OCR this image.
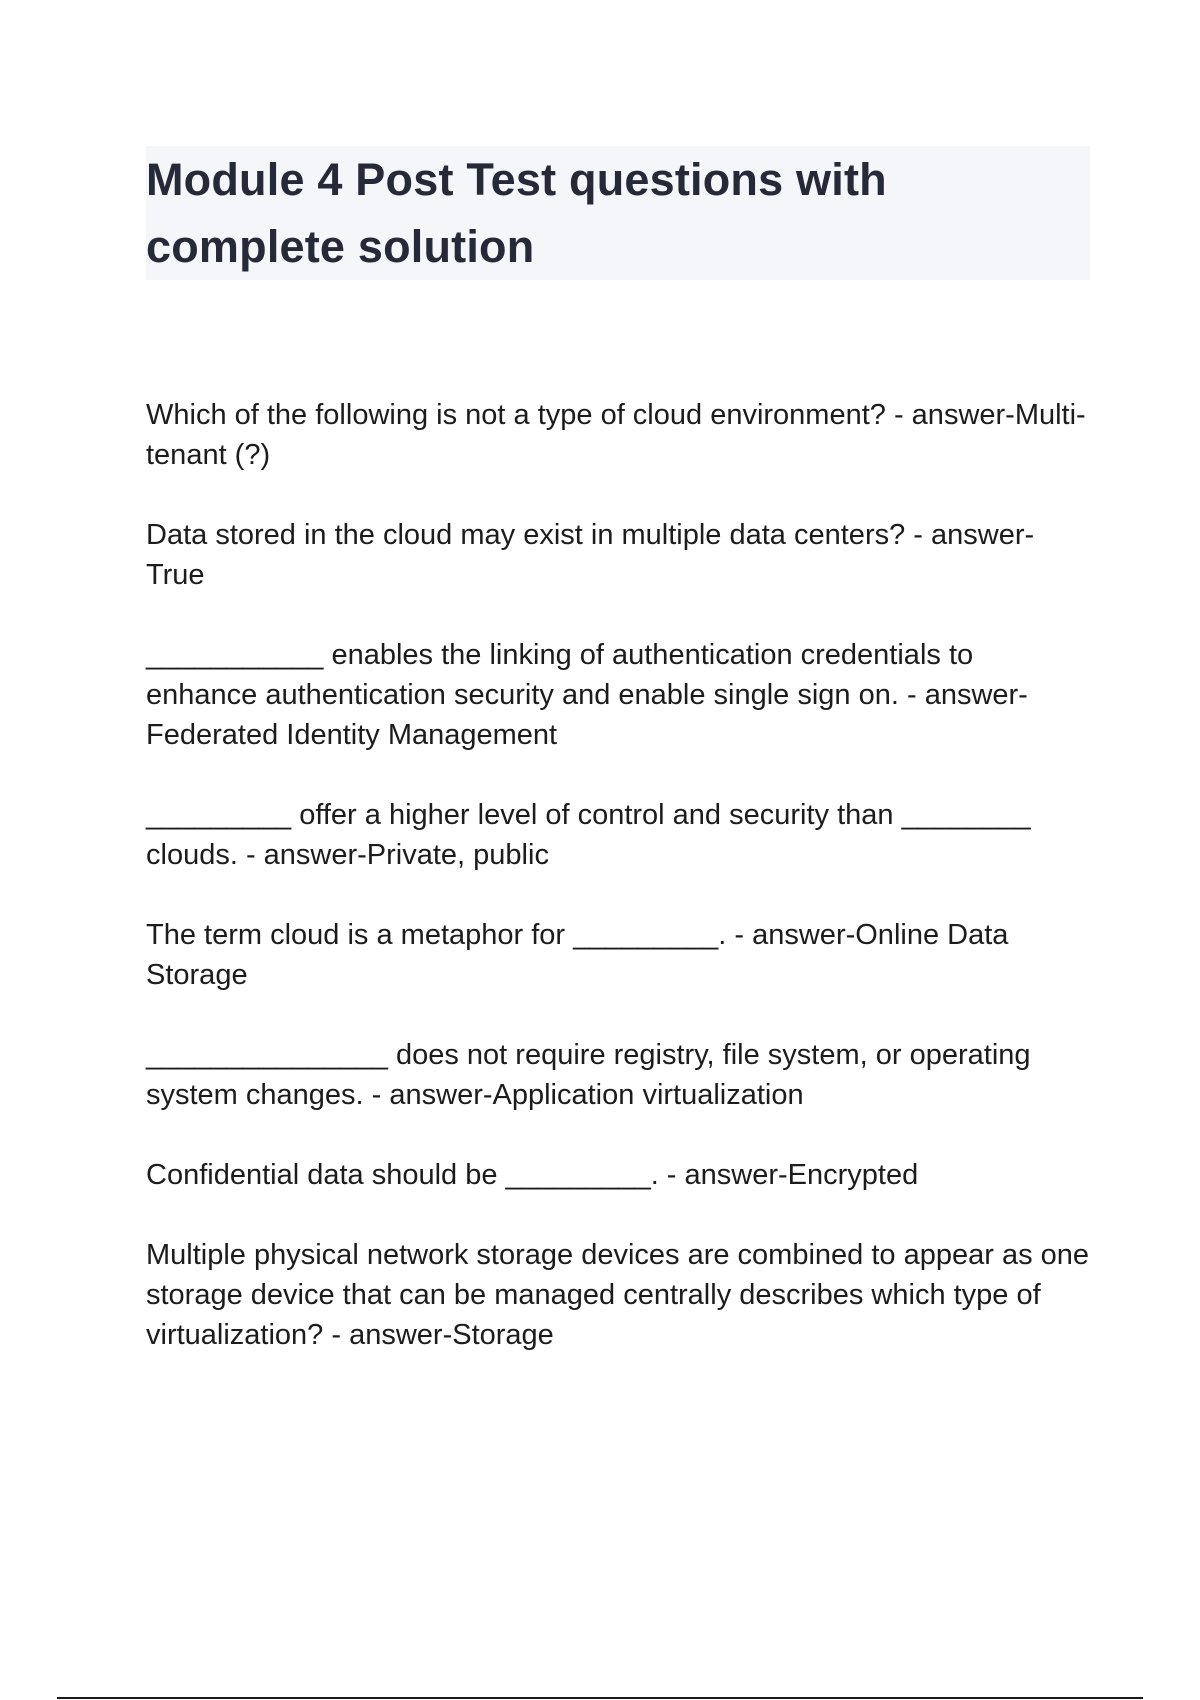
Module 4 Post Test questions with complete solution

Which of the following is not a type of cloud environment? - answer-Multi-tenant (?)

Data stored in the cloud may exist in multiple data centers? - answer-True

___________ enables the linking of authentication credentials to enhance authentication security and enable single sign on. - answer-Federated Identity Management

_________ offer a higher level of control and security than ________ clouds. - answer-Private, public

The term cloud is a metaphor for _________. - answer-Online Data Storage

_______________ does not require registry, file system, or operating system changes. - answer-Application virtualization

Confidential data should be _________. - answer-Encrypted

Multiple physical network storage devices are combined to appear as one storage device that can be managed centrally describes which type of virtualization? - answer-Storage
